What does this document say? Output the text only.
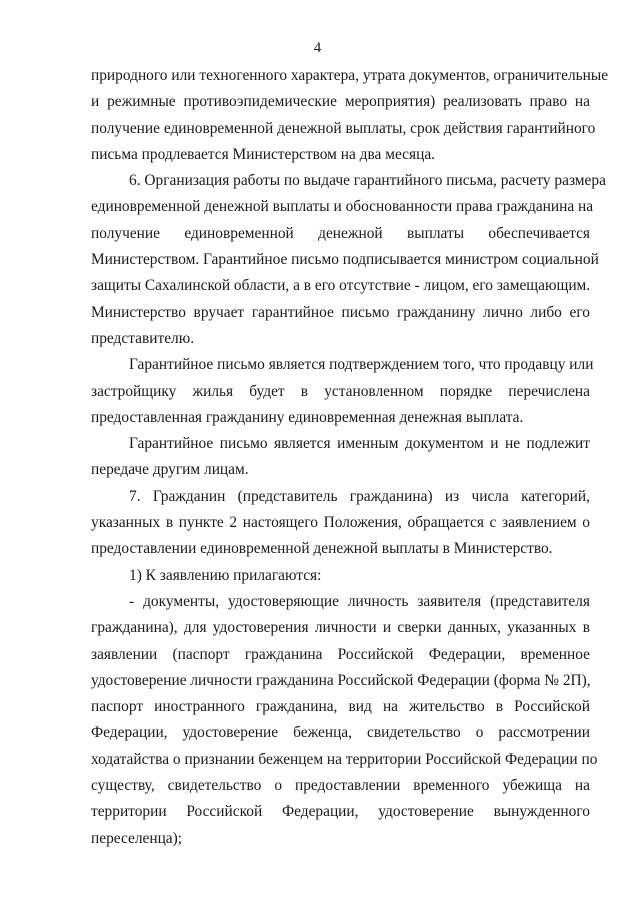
4
природного или техногенного характера, утрата документов, ограничительные
и режимные противоэпидемические мероприятия) реализовать право на
получение единовременной денежной выплаты, срок действия гарантийного
письма продлевается Министерством на два месяца.
6. Организация работы по выдаче гарантийного письма, расчету размера
единовременной денежной выплаты и обоснованности права гражданина на
получение единовременной денежной выплаты обеспечивается
Министерством. Гарантийное письмо подписывается министром социальной
защиты Сахалинской области, а в его отсутствие - лицом, его замещающим.
Министерство вручает гарантийное письмо гражданину лично либо его
представителю.
Гарантийное письмо является подтверждением того, что продавцу или
застройщику жилья будет в установленном порядке перечислена
предоставленная гражданину единовременная денежная выплата.
Гарантийное письмо является именным документом и не подлежит
передаче другим лицам.
7. Гражданин (представитель гражданина) из числа категорий,
указанных в пункте 2 настоящего Положения, обращается с заявлением о
предоставлении единовременной денежной выплаты в Министерство.
1) К заявлению прилагаются:
- документы, удостоверяющие личность заявителя (представителя
гражданина), для удостоверения личности и сверки данных, указанных в
заявлении (паспорт гражданина Российской Федерации, временное
удостоверение личности гражданина Российской Федерации (форма № 2П),
паспорт иностранного гражданина, вид на жительство в Российской
Федерации, удостоверение беженца, свидетельство о рассмотрении
ходатайства о признании беженцем на территории Российской Федерации по
существу, свидетельство о предоставлении временного убежища на
территории Российской Федерации, удостоверение вынужденного
переселенца);
